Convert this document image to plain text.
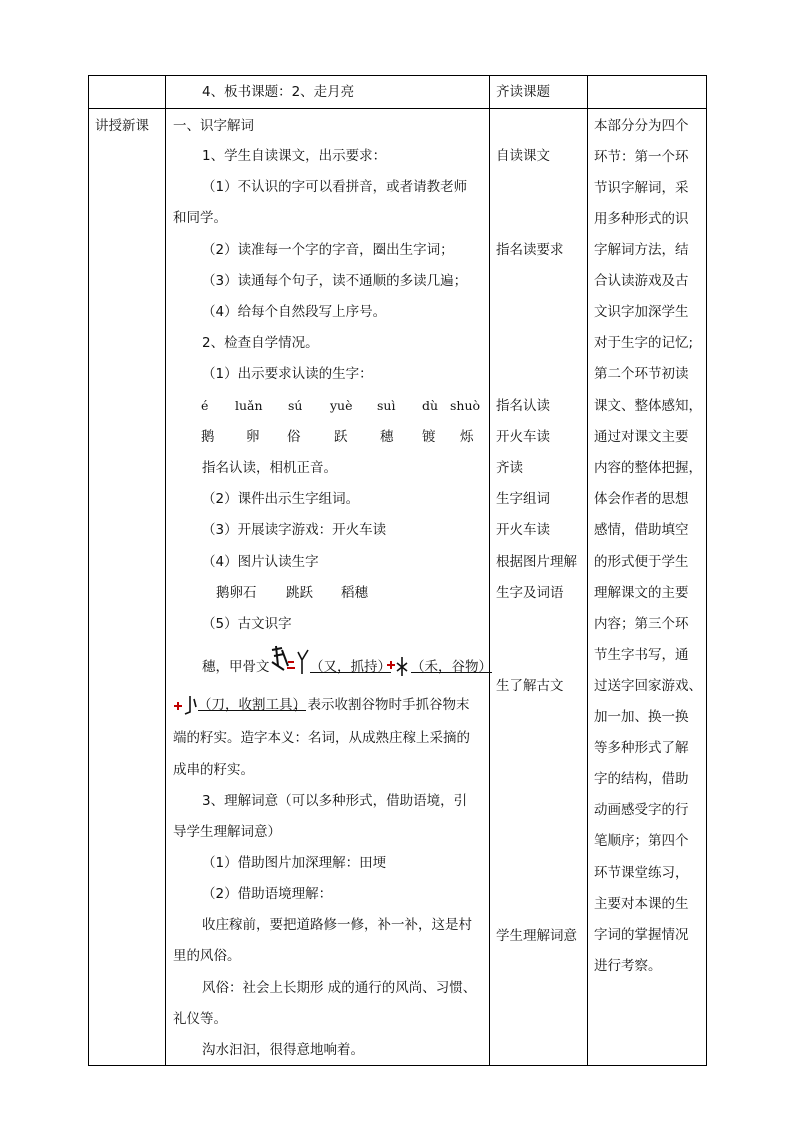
4、板书课题：2、走月亮	齐读课题
讲授新课 一、识字解词
1、学生自读课文，出示要求：
（1）不认识的字可以看拼音，或者请教老师
和同学。
（2）读准每一个字的字音，圈出生字词；
（3）读通每个句子，读不通顺的多读几遍；
（4）给每个自然段写上序号。
2、检查自学情况。
（1）出示要求认读的生字：
é luǎn sú yuè suì dù shuò
鹅 卵 俗 跃 穗 镀 烁
指名认读，相机正音。
（2）课件出示生字组词。
（3）开展读字游戏：开火车读
（4）图片认读生字
鹅卵石 跳跃 稻穗
（5）古文识字
穗，甲骨文	（又，抓持） （禾，谷物）
（刀，收割工具）
，表示收割谷物时手抓谷物末
端的籽实。造字本义：名词，从成熟庄稼上采摘的
成串的籽实。
3、理解词意（可以多种形式，借助语境，引
导学生理解词意）
（1）借助图片加深理解：田埂
（2）借助语境理解：
收庄稼前，要把道路修一修，补一补，这是村
里的风俗。
风俗：社会上长期形 成的通行的风尚、习惯、
礼仪等。
沟水汩汩，很得意地响着。
自读课文
指名读要求
指名认读
开火车读
齐读
生字组词
开火车读
根据图片理解
生字及词语
生了解古文
学生理解词意
本部分分为四个
环节：第一个环
节识字解词，采
用多种形式的识
字解词方法，结
合认读游戏及古
文识字加深学生
对于生字的记忆;
第二个环节初读
课文、整体感知，
通过对课文主要
内容的整体把握，
体会作者的思想
感情，借助填空
的形式便于学生
理解课文的主要
内容；第三个环
节生字书写，通
过送字回家游戏、
加一加、换一换
等多种形式了解
字的结构，借助
动画感受字的行
笔顺序；第四个
环节课堂练习，
主要对本课的生
字词的掌握情况
进行考察。
